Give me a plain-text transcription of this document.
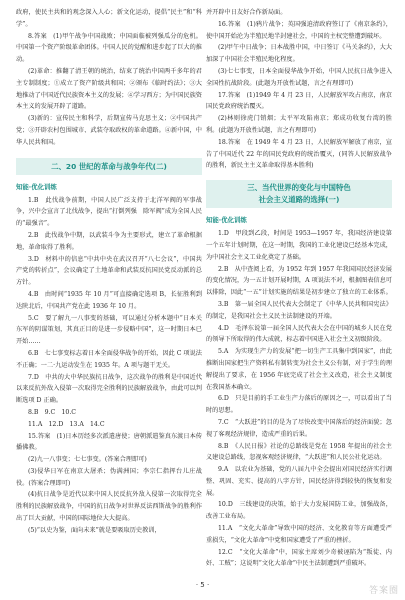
政府，使民主共和的观念深入人心；新文化运动，提倡“民主”和“科学”。

8.答案　(1)甲午战争中国战败；中国面临被列强瓜分的危机。中国第一个资产阶级革命团体。中国人民的觉醒和进步起了巨大的推动。

(2)革命：推翻了清王朝的统治，结束了统治中国两千多年的君主专制制度；①成立了资产阶级共和国；②颁布《临时约法》；③大地推动了中国近代民族资本主义的发展；④学习西方；为中国民族资本主义的发展开辟了道路。

(3)新的：宣传民主和科学，后期宣传马克思主义；②中国共产党；③开辟农村包围城市、武装夺取政权的革命道路。④新中国，中华人民共和国。

二、20 世纪的革命与战争年代(二)
知能·优化训练

1.B　此伐战争前期，中国人民广泛支持于北洋军阀的军事战争，兴中会宣言了北伐战争，提出“打倒列强　除军阀”成为全国人民的“最强音”。

2.B　此伐战争中期，以武装斗争为主要形式，建立了革命根据地，革命取得了胜利。

3.D　材料中的信息“中共中央在武汉召开“八七会议”，中国共产党的转折点”，会议确定了土地革命和武装反抗国民党反动派的总方针。

4.B　由时间“1935 年 10 月”可直接确定选项 B，长征胜利到达陕北后，中国共产党在此 1936 年 10 月。

5.C　要了解九一八事变的基础，可以通过分析本题中“日本关东军的阴谋策划，其真正目的是进一步侵略中国”，这一时期日本已开始……

6.B　七七事变标志着日本全面侵华战争的开始，因此 C 项说法不正确；一二·九运动发生在 1935 年。A 项与题干无关。

7.D　中共的大中华民族抗日战争，这次战争的胜利是中国近代以来反抗外敌入侵第一次取得完全胜利的民族解放战争，由此可以判断选项 D 正确。

8.B　9.C　10.C

11.A　12.D　13.A　14.C

15.答案　(1)日本历经多次派遣唐使；唐朝派遣鉴真东渡日本传播佛教。

(2)九一八事变；七七事变。(答案合理即可)

(3)侵华日军在南京大屠杀；伪满洲国；李宗仁指挥台儿庄战役。(答案合理即可)

(4)抗日战争是近代以来中国人民反抗外敌入侵第一次取得完全胜利的民族解放战争，中国的抗日战争对世界反法西斯战争的胜利作出了巨大贡献，中国的国际地位大大提高。

(5)“以史为鉴，面向未来”就是要吸取历史教训，

并开辟中日友好合作新局面。

16.答案　(1)鸦片战争；英国强迫清政府签订了《南京条约》，使中国开始沦为半殖民地半封建社会，中国的主权完整遭到破坏。

(2)甲午中日战争；日本战胜中国，中日签订《马关条约》，大大加深了中国社会半殖民地化程度。

(3)七七事变，日本全面侵华战争开始，中国人民抗日战争进入全国性抗战阶段。(此题为开放性试题，言之有理即可)

17.答案　(1)1949 年 4 月 23 日，人民解放军攻占南京，南京国民党政府统治覆灭。

(2)林则徐虎门销烟；太平军攻陷南京；郑成功收复台湾的胜利。(此题为开放性试题，言之有理即可)

18.答案　在 1949 年 4 月 23 日，人民解放军解放了南京，宣告了中国近代 22 年的国民党政府的统治覆灭，(同答人民解放战争的胜利，新民主主义革命取得基本胜利)

三、当代世界的变化与中国特色
社会主义道路的选择(一)
知能·优化训练

1.D　甲段到乙段，时间是 1953—1957 年，我国经济建设第一个五年计划时期，在这一时期，我国的工业化建设已经基本完成，为中国社会主义工业化奠定了基础。

2.B　从中查阅上看，为 1952 年到 1957 年我国国民经济发展的变化情况，为一五计划开展时期，A 项说法不对，根据图表信息可以排除，因此“一五”计划实施的结果是初步建立了独立的工业体系。

3.B　第一届全国人民代表大会制定了《中华人民共和国宪法》的制定，是我国社会主义民主法制建设的开端。

4.D　毛泽东说第一届全国人民代表大会在中国的城乡人民在党的领导下所取得的伟大成就，标志着中国进入社会主义初级阶段。

5.A　为实现生产力的发展“把一切生产工具集中到国家”，由此推断出国家把生产资料私有制转变为社会主义公有制，对于学生的理解提出了要求，在 1956 年底完成了社会主义改造，社会主义制度在我国基本确立。

6.D　只是目前的手工业生产力落后的原因之一，可以看出了当时的思想。

7.C　“大跃进”的目的是为了尽快改变中国落后的经济面貌；忽视了客观经济规律，造成严重的后果。

8.B　《人民日报》社论的总路线是党在 1958 年提出的社会主义建设总路线，忽视客观经济规律，“大跃进”和人民公社化运动。

9.A　以农业为基础，党的八届九中全会提出对国民经济实行调整、巩固、充实、提高的八字方针，国民经济得到较快的恢复和发展。

10.D　三线建设的决策，始于大力发展国防工业，加强战备，改善工业布局。

11.A　“文化大革命”导致中国的经济、文化教育等方面遭受严重损失，“文化大革命”中党和国家遭受了严重的挫折。

12.C　“文化大革命”中，国家主席刘少奇被诬陷为“叛徒、内奸、工贼”；这说明“文化大革命”中民主法制遭到严重破坏。

· 5 ·
答案圈
